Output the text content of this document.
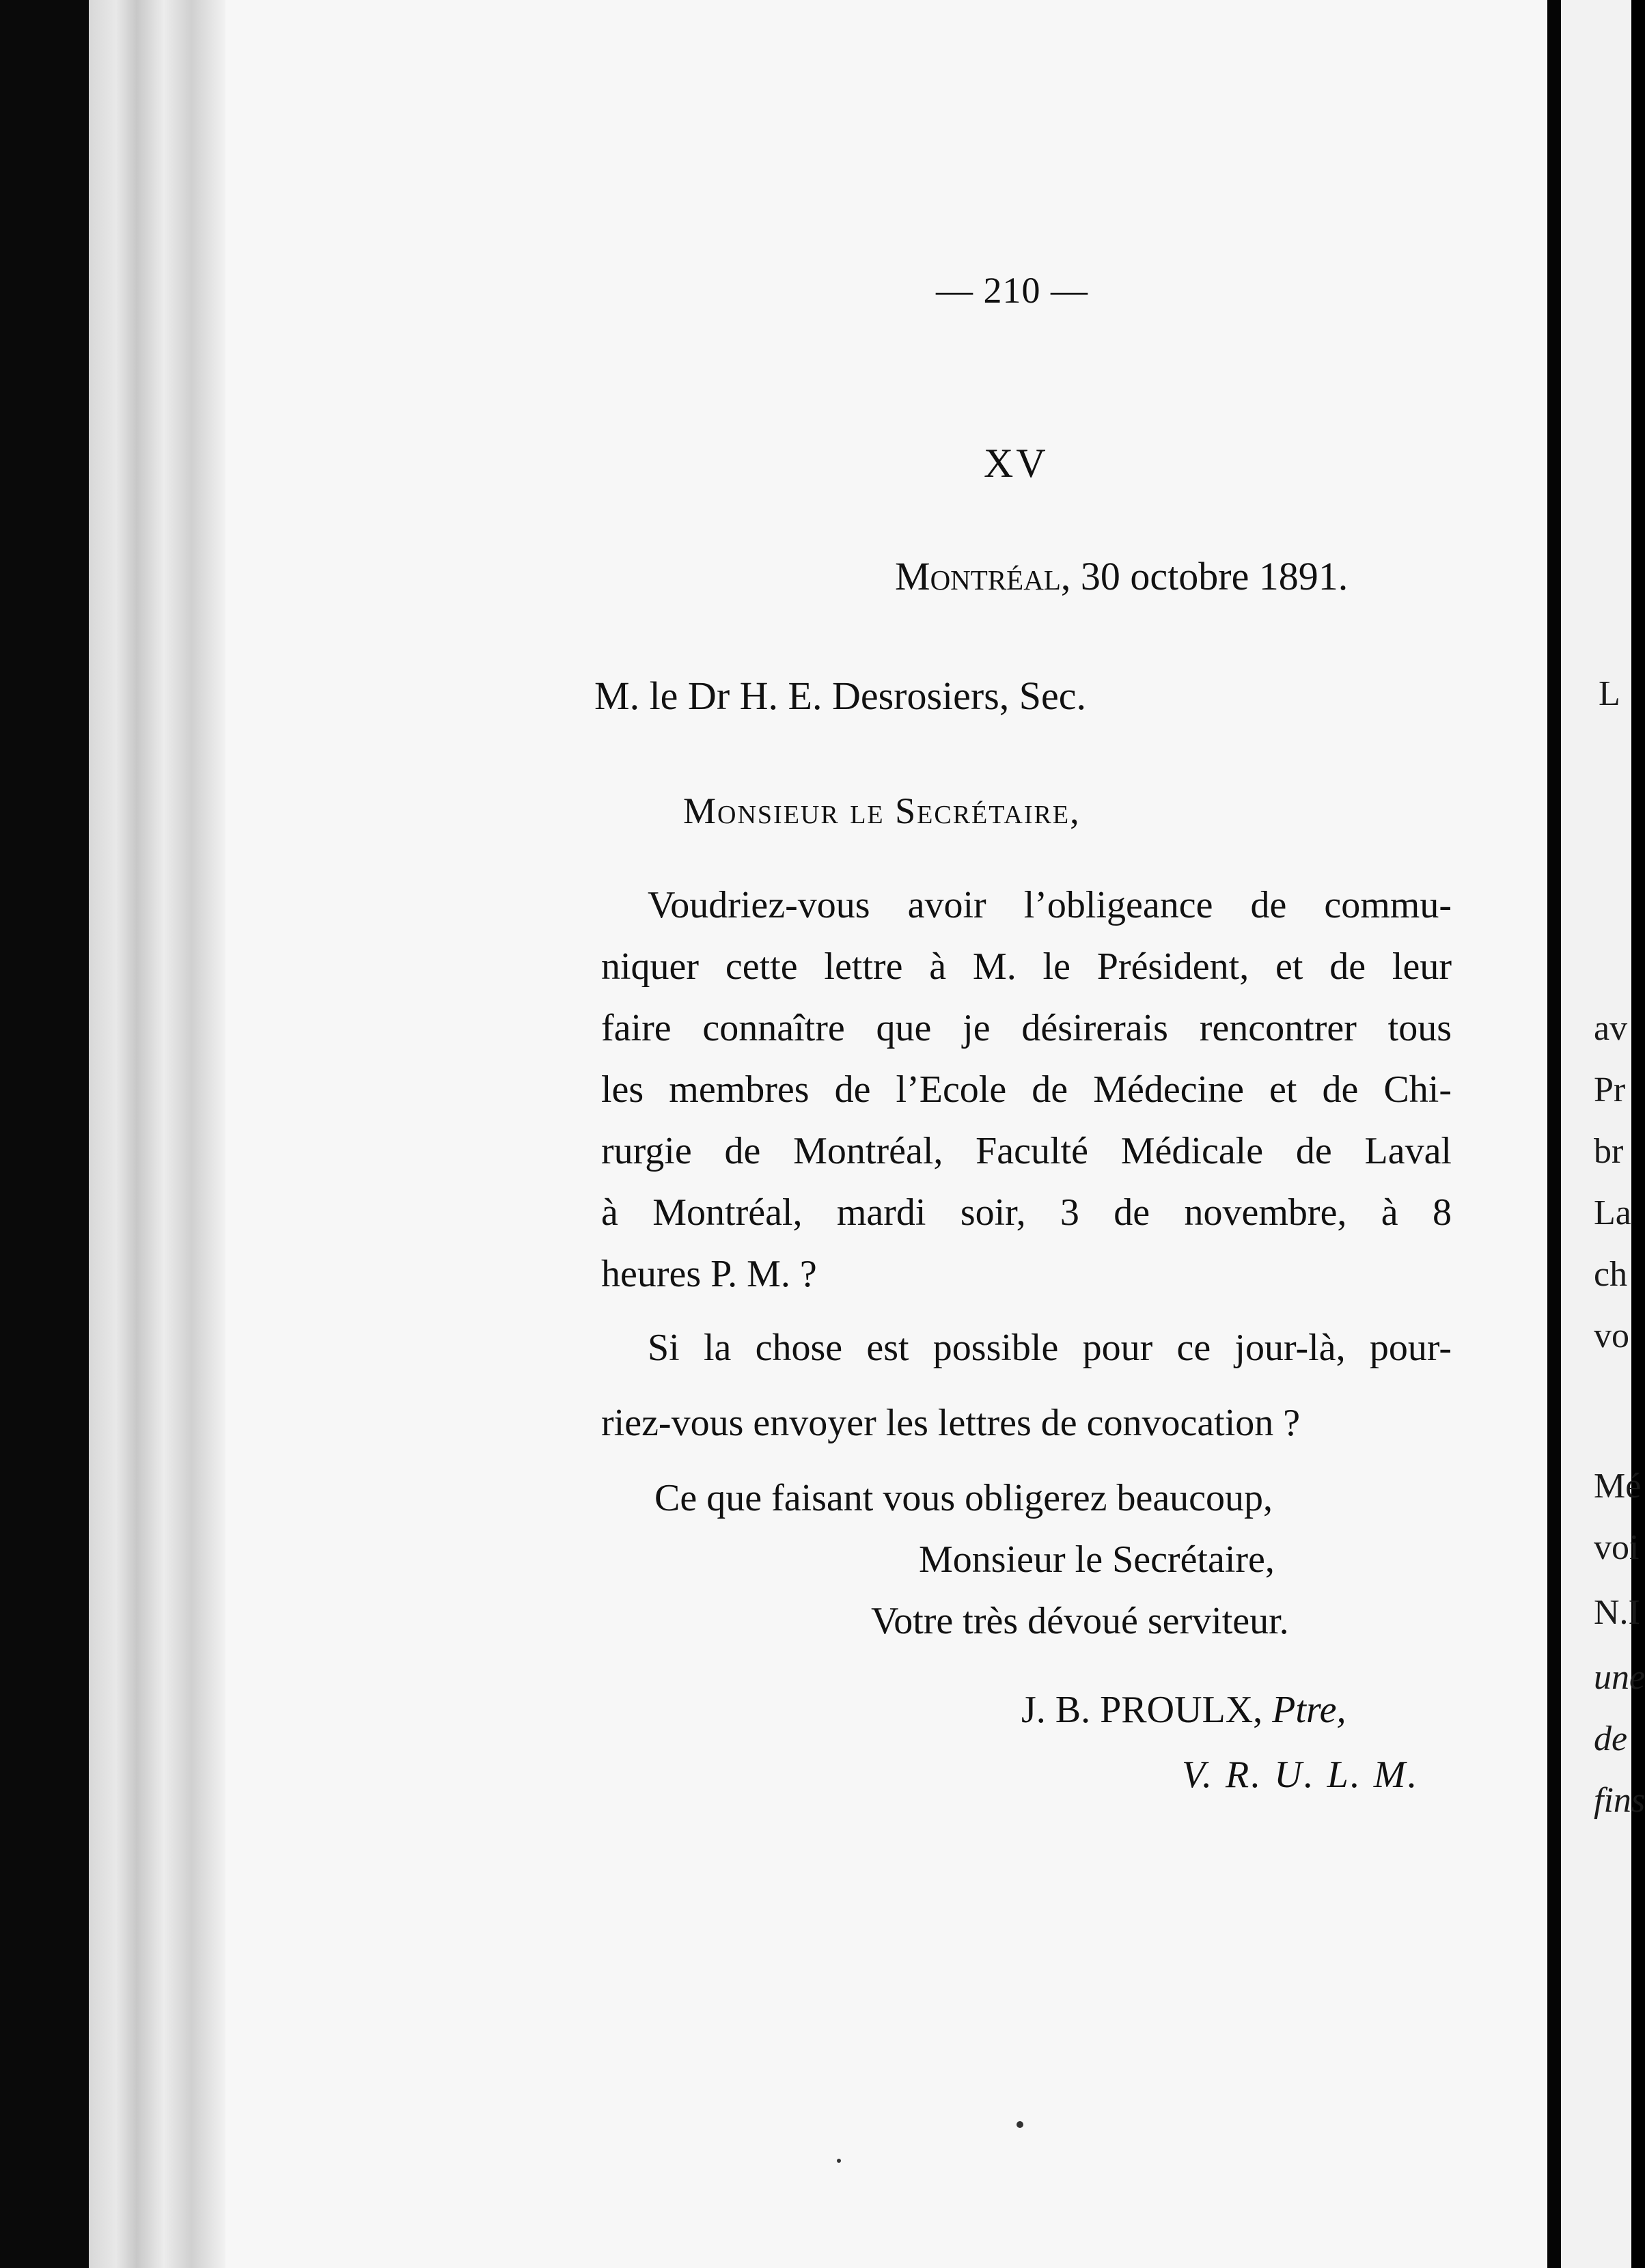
— 210 —
XV
Montréal, 30 octobre 1891.
M. le Dr H. E. Desrosiers, Sec.
Monsieur le Secrétaire,
Voudriez-vous avoir l’obligeance de commu-
niquer cette lettre à M. le Président, et de leur
faire connaître que je désirerais rencontrer tous
les membres de l’Ecole de Médecine et de Chi-
rurgie de Montréal, Faculté Médicale de Laval
à Montréal, mardi soir, 3 de novembre, à 8
heures P. M. ?
Si la chose est possible pour ce jour-là, pour-
riez-vous envoyer les lettres de convocation ?
Ce que faisant vous obligerez beaucoup,
Monsieur le Secrétaire,
Votre très dévoué serviteur.
J. B. PROULX, Ptre,
V. R. U. L. M.
L
av
Pr
br
La
ch
vo
Mé
voi
N.I
une
de
fins
